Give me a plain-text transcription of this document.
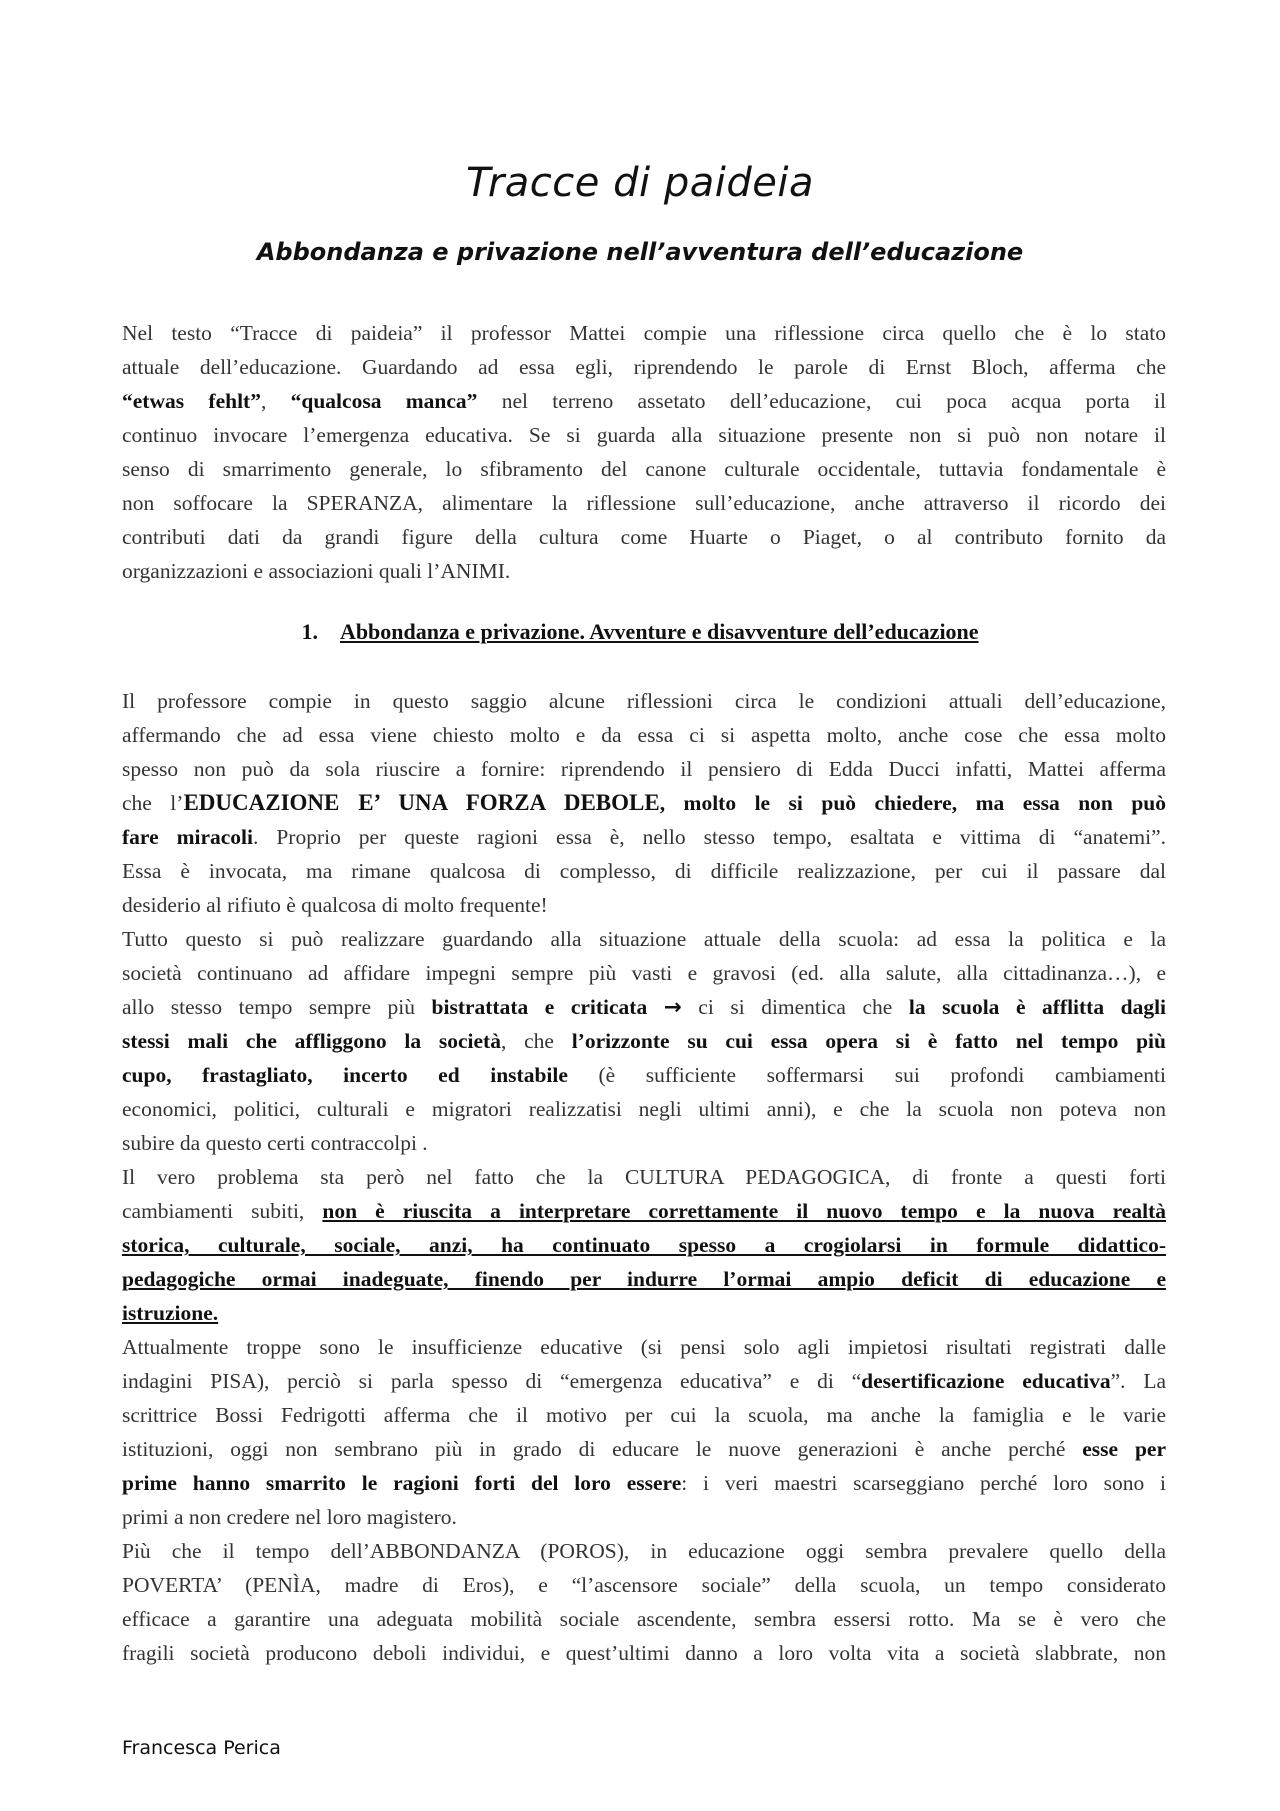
Tracce di paideia
Abbondanza e privazione nell’avventura dell’educazione

Nel testo “Tracce di paideia” il professor Mattei compie una riflessione circa quello che è lo stato

attuale dell’educazione. Guardando ad essa egli, riprendendo le parole di Ernst Bloch, afferma che

“etwas fehlt”, “qualcosa manca” nel terreno assetato dell’educazione, cui poca acqua porta il

continuo invocare l’emergenza educativa. Se si guarda alla situazione presente non si può non notare il

senso di smarrimento generale, lo sfibramento del canone culturale occidentale, tuttavia fondamentale è

non soffocare la SPERANZA, alimentare la riflessione sull’educazione, anche attraverso il ricordo dei

contributi dati da grandi figure della cultura come Huarte o Piaget, o al contributo fornito da

organizzazioni e associazioni quali l’ANIMI.

1. Abbondanza e privazione. Avventure e disavventure dell’educazione

Il professore compie in questo saggio alcune riflessioni circa le condizioni attuali dell’educazione,

affermando che ad essa viene chiesto molto e da essa ci si aspetta molto, anche cose che essa molto

spesso non può da sola riuscire a fornire: riprendendo il pensiero di Edda Ducci infatti, Mattei afferma

che l’EDUCAZIONE E’ UNA FORZA DEBOLE, molto le si può chiedere, ma essa non può

fare miracoli. Proprio per queste ragioni essa è, nello stesso tempo, esaltata e vittima di “anatemi”.

Essa è invocata, ma rimane qualcosa di complesso, di difficile realizzazione, per cui il passare dal

desiderio al rifiuto è qualcosa di molto frequente!

Tutto questo si può realizzare guardando alla situazione attuale della scuola: ad essa la politica e la

società continuano ad affidare impegni sempre più vasti e gravosi (ed. alla salute, alla cittadinanza…), e

allo stesso tempo sempre più bistrattata e criticata → ci si dimentica che la scuola è afflitta dagli

stessi mali che affliggono la società, che l’orizzonte su cui essa opera si è fatto nel tempo più

cupo, frastagliato, incerto ed instabile (è sufficiente soffermarsi sui profondi cambiamenti

economici, politici, culturali e migratori realizzatisi negli ultimi anni), e che la scuola non poteva non

subire da questo certi contraccolpi .

Il vero problema sta però nel fatto che la CULTURA PEDAGOGICA, di fronte a questi forti

cambiamenti subiti, non è riuscita a interpretare correttamente il nuovo tempo e la nuova realtà

storica, culturale, sociale, anzi, ha continuato spesso a crogiolarsi in formule didattico-

pedagogiche ormai inadeguate, finendo per indurre l’ormai ampio deficit di educazione e

istruzione.

Attualmente troppe sono le insufficienze educative (si pensi solo agli impietosi risultati registrati dalle

indagini PISA), perciò si parla spesso di “emergenza educativa” e di “desertificazione educativa”. La

scrittrice Bossi Fedrigotti afferma che il motivo per cui la scuola, ma anche la famiglia e le varie

istituzioni, oggi non sembrano più in grado di educare le nuove generazioni è anche perché esse per

prime hanno smarrito le ragioni forti del loro essere: i veri maestri scarseggiano perché loro sono i

primi a non credere nel loro magistero.

Più che il tempo dell’ABBONDANZA (POROS), in educazione oggi sembra prevalere quello della

POVERTA’ (PENÌA, madre di Eros), e “l’ascensore sociale” della scuola, un tempo considerato

efficace a garantire una adeguata mobilità sociale ascendente, sembra essersi rotto. Ma se è vero che

fragili società producono deboli individui, e quest’ultimi danno a loro volta vita a società slabbrate, non

Francesca Perica
